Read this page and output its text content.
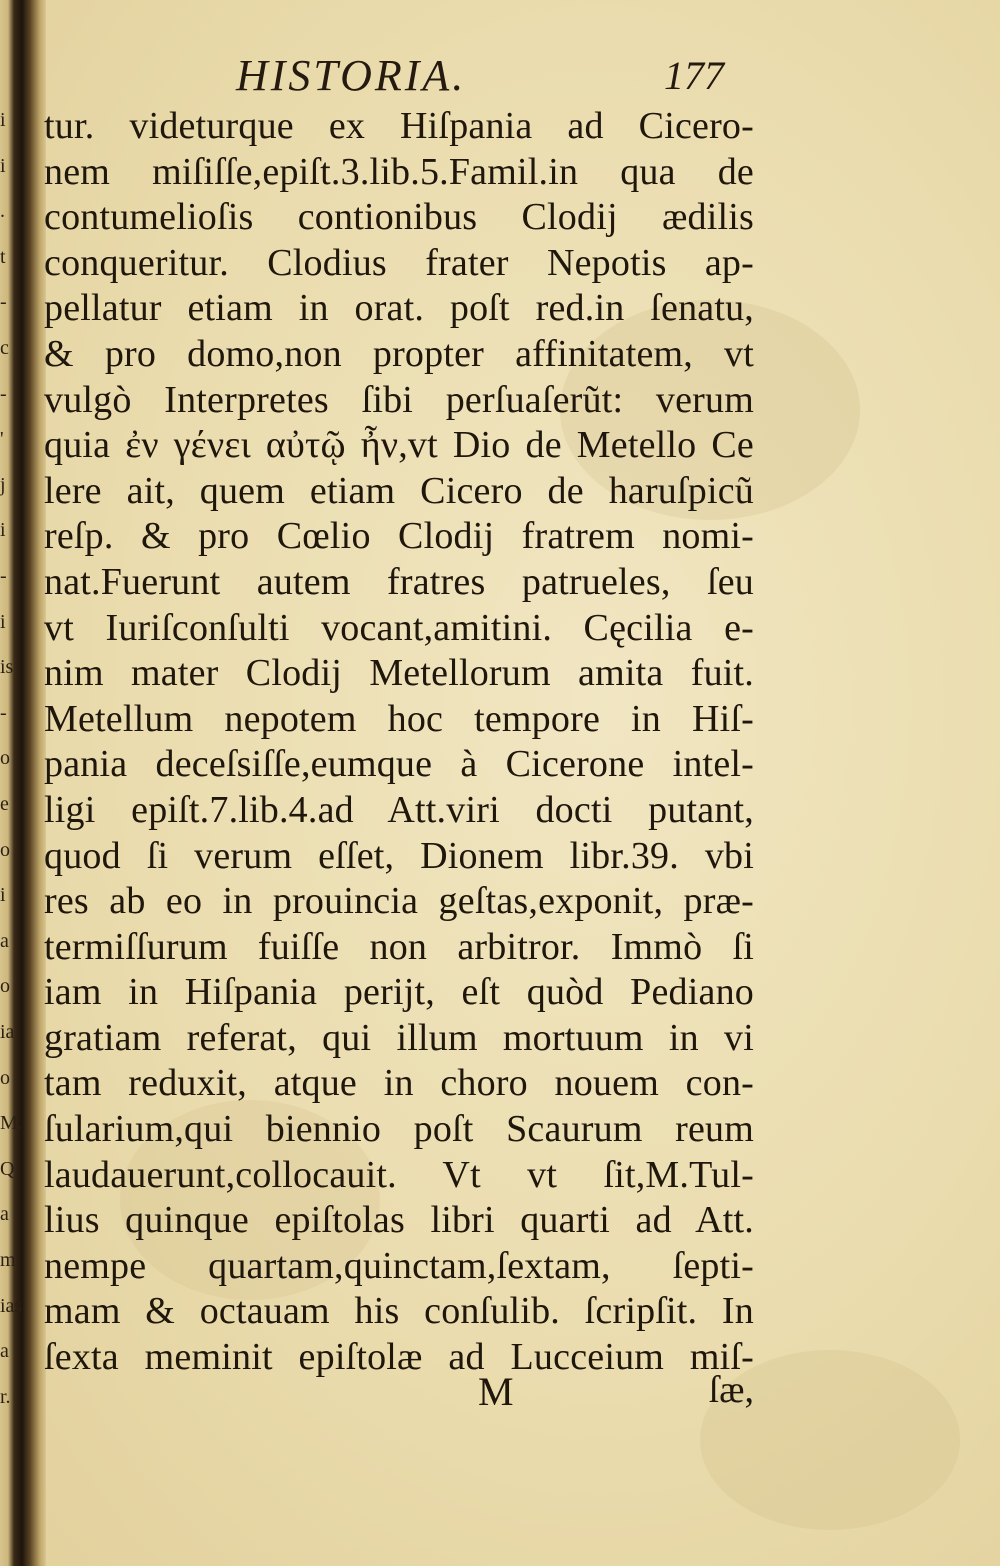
i
i
.
t
-
c
-
'
j
i
-
i
is
-
o
e
o
i
a
o
ia
o
M.
Q
a
m
ias
a
r.
HISTORIA.	177
tur. videturque ex Hiſpania ad Cicero-
nem miſiſſe,epiſt.3.lib.5.Famil.in qua de
contumelioſis contionibus Clodij ædilis
conqueritur. Clodius frater Nepotis ap-
pellatur etiam in orat. poſt red.in ſenatu,
& pro domo,non propter affinitatem, vt
vulgò Interpretes ſibi perſuaſerũt: verum
quia ἐν γένει αὐτῷ ἦν,vt Dio de Metello Ce
lere ait, quem etiam Cicero de haruſpicũ
reſp. & pro Cœlio Clodij fratrem nomi-
nat.Fuerunt autem fratres patrueles, ſeu
vt Iuriſconſulti vocant,amitini. Cęcilia e-
nim mater Clodij Metellorum amita fuit.
Metellum nepotem hoc tempore in Hiſ-
pania deceſsiſſe,eumque à Cicerone intel-
ligi epiſt.7.lib.4.ad Att.viri docti putant,
quod ſi verum eſſet, Dionem libr.39. vbi
res ab eo in prouincia geſtas,exponit, præ-
termiſſurum fuiſſe non arbitror. Immò ſi
iam in Hiſpania perijt, eſt quòd Pediano
gratiam referat, qui illum mortuum in vi
tam reduxit, atque in choro nouem con-
ſularium,qui biennio poſt Scaurum reum
laudauerunt,collocauit. Vt vt ſit,M.Tul-
lius quinque epiſtolas libri quarti ad Att.
nempe quartam,quinctam,ſextam, ſepti-
mam & octauam his conſulib. ſcripſit. In
ſexta meminit epiſtolæ ad Lucceium miſ-
M	ſæ,
